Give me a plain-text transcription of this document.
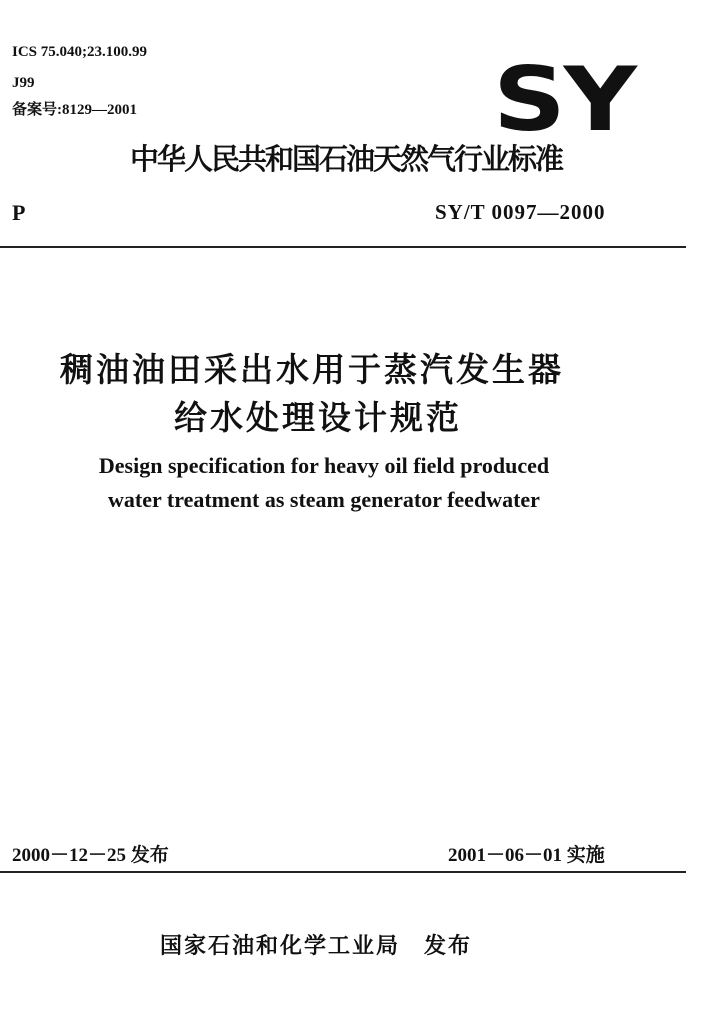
ICS 75.040;23.100.99
J99
备案号:8129—2001	SY
中华人民共和国石油天然气行业标准
P	SY/T 0097—2000
稠油油田采出水用于蒸汽发生器
给水处理设计规范
Design specification for heavy oil field produced
water treatment as steam generator feedwater
2000－12－25 发布	2001－06－01 实施
国家石油和化学工业局　发布
